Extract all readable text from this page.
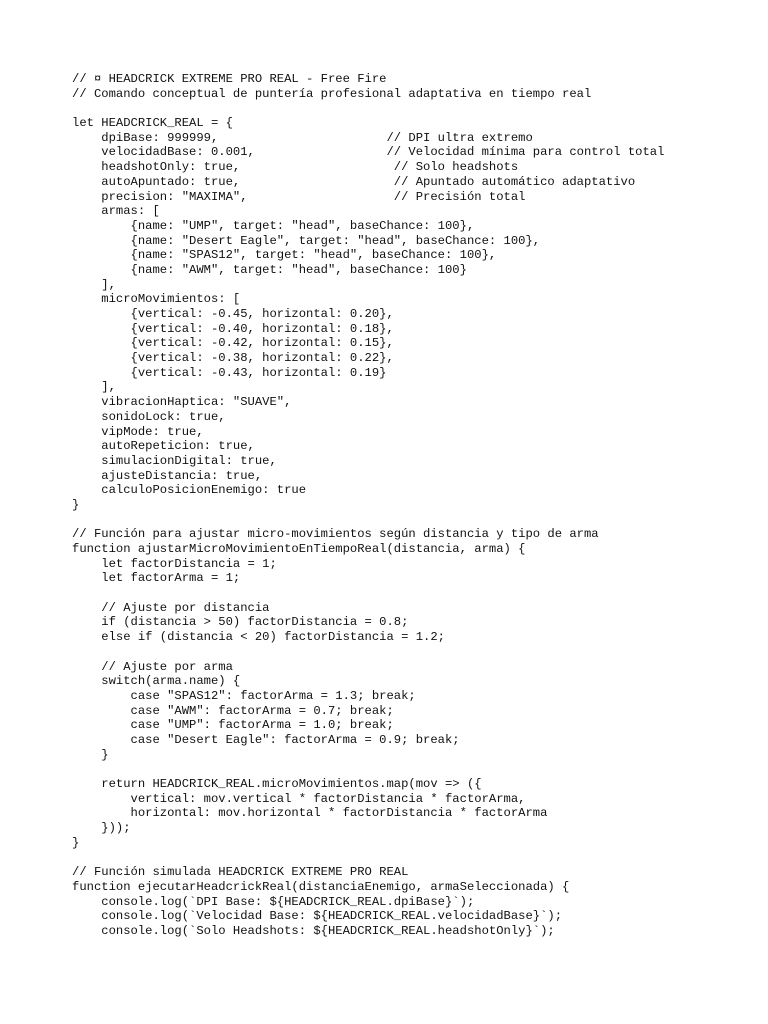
// ¤ HEADCRICK EXTREME PRO REAL - Free Fire
// Comando conceptual de puntería profesional adaptativa en tiempo real
let HEADCRICK_REAL = {
dpiBase: 999999,                       // DPI ultra extremo
velocidadBase: 0.001,                  // Velocidad mínima para control total
headshotOnly: true,                     // Solo headshots
autoApuntado: true,                     // Apuntado automático adaptativo
precision: "MAXIMA",                    // Precisión total
armas: [
{name: "UMP", target: "head", baseChance: 100},
{name: "Desert Eagle", target: "head", baseChance: 100},
{name: "SPAS12", target: "head", baseChance: 100},
{name: "AWM", target: "head", baseChance: 100}
],
microMovimientos: [
{vertical: -0.45, horizontal: 0.20},
{vertical: -0.40, horizontal: 0.18},
{vertical: -0.42, horizontal: 0.15},
{vertical: -0.38, horizontal: 0.22},
{vertical: -0.43, horizontal: 0.19}
],
vibracionHaptica: "SUAVE",
sonidoLock: true,
vipMode: true,
autoRepeticion: true,
simulacionDigital: true,
ajusteDistancia: true,
calculoPosicionEnemigo: true
}
// Función para ajustar micro-movimientos según distancia y tipo de arma
function ajustarMicroMovimientoEnTiempoReal(distancia, arma) {
let factorDistancia = 1;
let factorArma = 1;
// Ajuste por distancia
if (distancia > 50) factorDistancia = 0.8;
else if (distancia < 20) factorDistancia = 1.2;
// Ajuste por arma
switch(arma.name) {
case "SPAS12": factorArma = 1.3; break;
case "AWM": factorArma = 0.7; break;
case "UMP": factorArma = 1.0; break;
case "Desert Eagle": factorArma = 0.9; break;
}
return HEADCRICK_REAL.microMovimientos.map(mov => ({
vertical: mov.vertical * factorDistancia * factorArma,
horizontal: mov.horizontal * factorDistancia * factorArma
}));
}
// Función simulada HEADCRICK EXTREME PRO REAL
function ejecutarHeadcrickReal(distanciaEnemigo, armaSeleccionada) {
console.log(`DPI Base: ${HEADCRICK_REAL.dpiBase}`);
console.log(`Velocidad Base: ${HEADCRICK_REAL.velocidadBase}`);
console.log(`Solo Headshots: ${HEADCRICK_REAL.headshotOnly}`);
